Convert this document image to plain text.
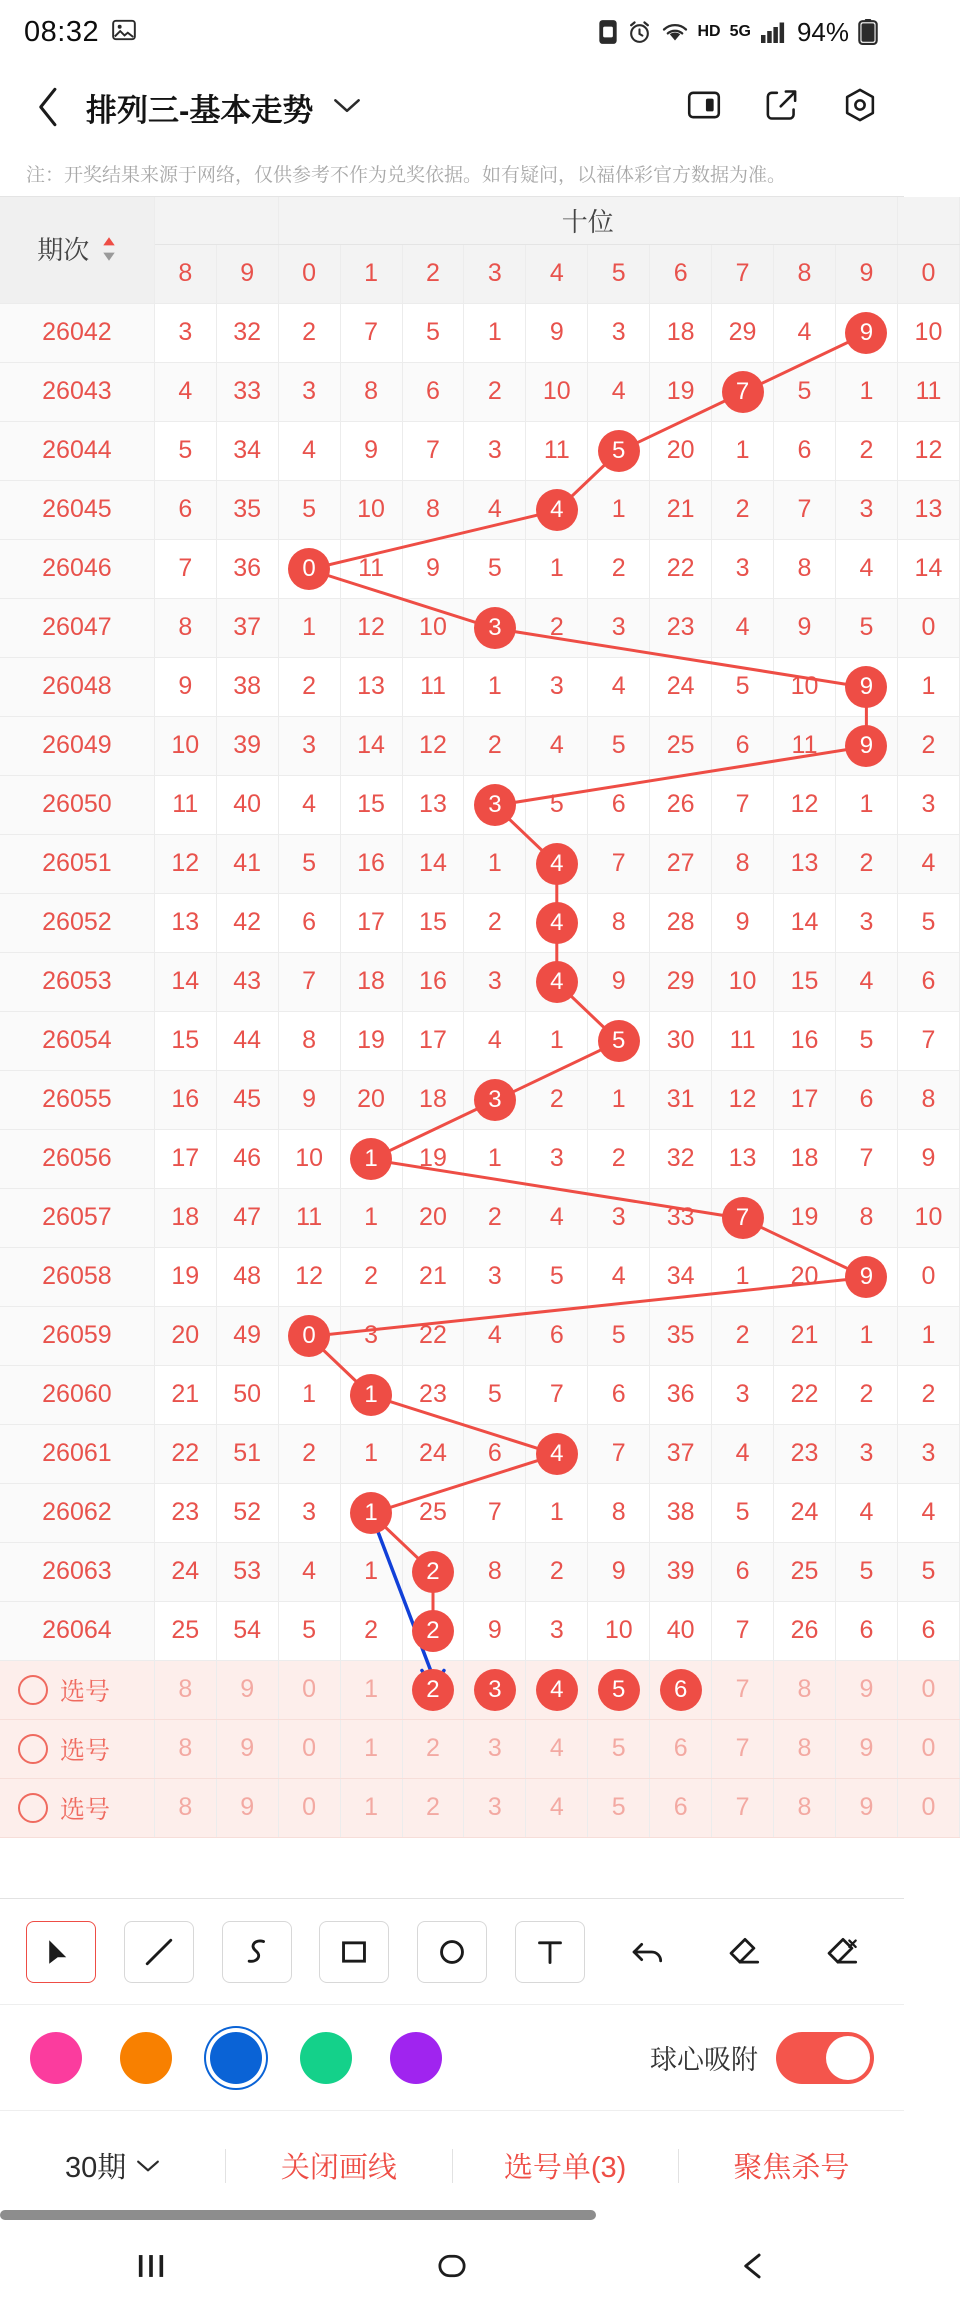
08:32	HD 5G 94%
排列三-基本走势
注：开奖结果来源于网络，仅供参考不作为兑奖依据。如有疑问，以福体彩官方数据为准。
期次			十位										
	8	9	0	1	2	3	4	5	6	7	8	9	0
26042	3	32	2	7	5	1	9	3	18	29	4	9	10
26043	4	33	3	8	6	2	10	4	19	7	5	1	11
26044	5	34	4	9	7	3	11	5	20	1	6	2	12
26045	6	35	5	10	8	4	4	1	21	2	7	3	13
26046	7	36	0	11	9	5	1	2	22	3	8	4	14
26047	8	37	1	12	10	3	2	3	23	4	9	5	0
26048	9	38	2	13	11	1	3	4	24	5	10	9	1
26049	10	39	3	14	12	2	4	5	25	6	11	9	2
26050	11	40	4	15	13	3	5	6	26	7	12	1	3
26051	12	41	5	16	14	1	4	7	27	8	13	2	4
26052	13	42	6	17	15	2	4	8	28	9	14	3	5
26053	14	43	7	18	16	3	4	9	29	10	15	4	6
26054	15	44	8	19	17	4	1	5	30	11	16	5	7
26055	16	45	9	20	18	3	2	1	31	12	17	6	8
26056	17	46	10	1	19	1	3	2	32	13	18	7	9
26057	18	47	11	1	20	2	4	3	33	7	19	8	10
26058	19	48	12	2	21	3	5	4	34	1	20	9	0
26059	20	49	0	3	22	4	6	5	35	2	21	1	1
26060	21	50	1	1	23	5	7	6	36	3	22	2	2
26061	22	51	2	1	24	6	4	7	37	4	23	3	3
26062	23	52	3	1	25	7	1	8	38	5	24	4	4
26063	24	53	4	1	2	8	2	9	39	6	25	5	5
26064	25	54	5	2	2	9	3	10	40	7	26	6	6

选号	8	9	0	1	2	3	4	5	6	7	8	9	0

选号	8	9	0	1	2	3	4	5	6	7	8	9	0

选号	8	9	0	1	2	3	4	5	6	7	8	9	0
球心吸附
30期	关闭画线	选号单(3)	聚焦杀号
